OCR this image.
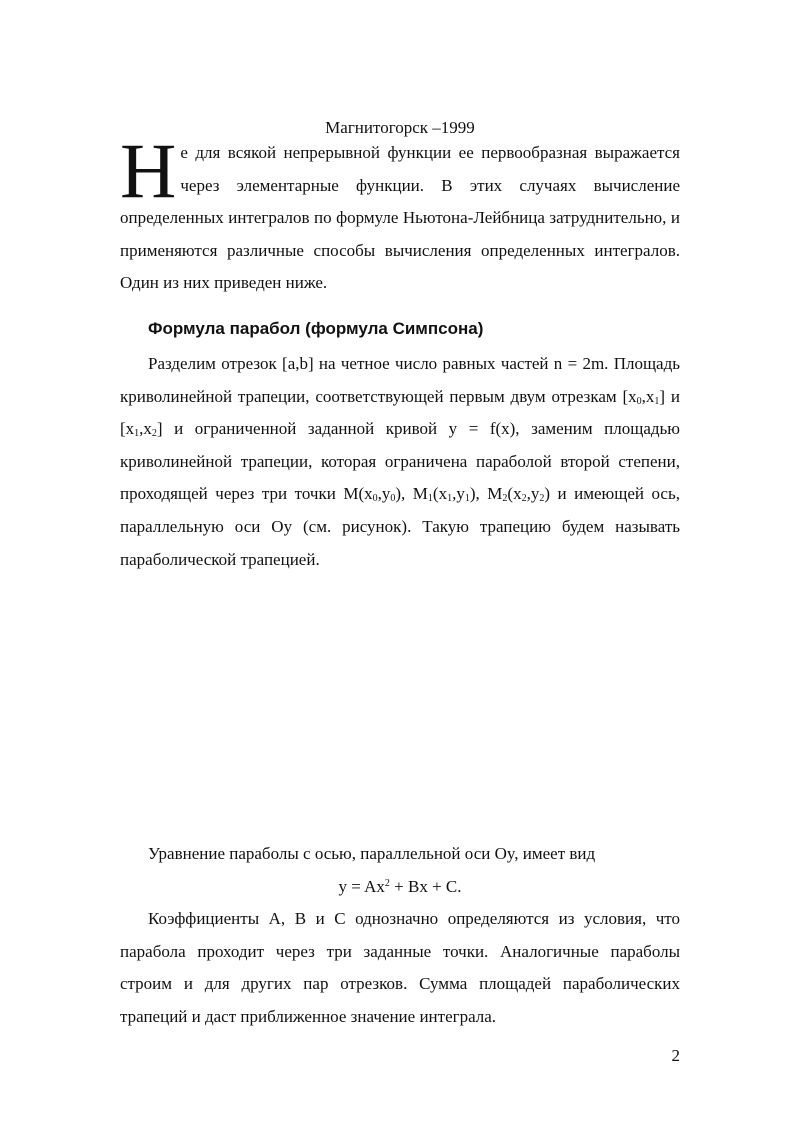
Магнитогорск –1999
Не для всякой непрерывной функции ее первообразная выражается через элементарные функции. В этих случаях вычисление определенных интегралов по формуле Ньютона-Лейбница затруднительно, и применяются различные способы вычисления определенных интегралов. Один из них приведен ниже.
Формула парабол (формула Симпсона)

Разделим отрезок [a,b] на четное число равных частей n = 2m. Площадь криволинейной трапеции, соответствующей первым двум отрезкам $[x_0,x_1]$ и $[x_1,x_2]$ и ограниченной заданной кривой y = f(x), заменим площадью криволинейной трапеции, которая ограничена параболой второй степени, проходящей через три точки $M(x_0,y_0)$, $M_1(x_1,y_1)$, $M_2(x_2,y_2)$ и имеющей ось, параллельную оси Oy (см. рисунок). Такую трапецию будем называть параболической трапецией.

Уравнение параболы с осью, параллельной оси Oy, имеет вид

$y = Ax^2 + Bx + C$.

Коэффициенты A, B и C однозначно определяются из условия, что парабола проходит через три заданные точки. Аналогичные параболы строим и для других пар отрезков. Сумма площадей параболических трапеций и даст приближенное значение интеграла.

2
